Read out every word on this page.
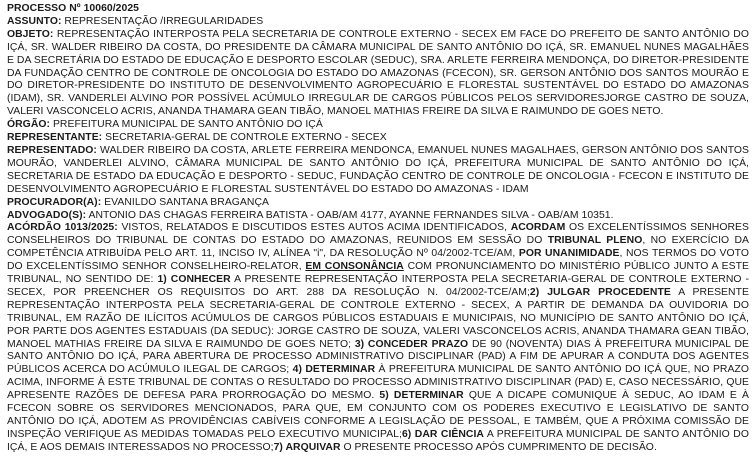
PROCESSO Nº 10060/2025
ASSUNTO: REPRESENTAÇÃO /IRREGULARIDADES
OBJETO: REPRESENTAÇÃO INTERPOSTA PELA SECRETARIA DE CONTROLE EXTERNO - SECEX EM FACE DO PREFEITO DE SANTO ANTÔNIO DO IÇÁ, SR. WALDER RIBEIRO DA COSTA, DO PRESIDENTE DA CÂMARA MUNICIPAL DE SANTO ANTÔNIO DO IÇÁ, SR. EMANUEL NUNES MAGALHÃES E DA SECRETÁRIA DO ESTADO DE EDUCAÇÃO E DESPORTO ESCOLAR (SEDUC), SRA. ARLETE FERREIRA MENDONÇA, DO DIRETOR-PRESIDENTE DA FUNDAÇÃO CENTRO DE CONTROLE DE ONCOLOGIA DO ESTADO DO AMAZONAS (FCECON), SR. GERSON ANTÔNIO DOS SANTOS MOURÃO E DO DIRETOR-PRESIDENTE DO INSTITUTO DE DESENVOLVIMENTO AGROPECUÁRIO E FLORESTAL SUSTENTÁVEL DO ESTADO DO AMAZONAS (IDAM), SR. VANDERLEI ALVINO POR POSSÍVEL ACÚMULO IRREGULAR DE CARGOS PÚBLICOS PELOS SERVIDORESJORGE CASTRO DE SOUZA, VALERI VASCONCELO ACRIS, ANANDA THAMARA GEAN TIBÃO, MANOEL MATHIAS FREIRE DA SILVA E RAIMUNDO DE GOES NETO.
ÓRGÃO: PREFEITURA MUNICIPAL DE SANTO ANTÔNIO DO IÇÁ
REPRESENTANTE: SECRETARIA-GERAL DE CONTROLE EXTERNO - SECEX
REPRESENTADO: WALDER RIBEIRO DA COSTA, ARLETE FERREIRA MENDONCA, EMANUEL NUNES MAGALHAES, GERSON ANTÔNIO DOS SANTOS MOURÃO, VANDERLEI ALVINO, CÂMARA MUNICIPAL DE SANTO ANTÔNIO DO IÇÁ, PREFEITURA MUNICIPAL DE SANTO ANTÔNIO DO IÇÁ, SECRETARIA DE ESTADO DA EDUCAÇÃO E DESPORTO - SEDUC, FUNDAÇÃO CENTRO DE CONTROLE DE ONCOLOGIA - FCECON E INSTITUTO DE DESENVOLVIMENTO AGROPECUÁRIO E FLORESTAL SUSTENTÁVEL DO ESTADO DO AMAZONAS - IDAM
PROCURADOR(A): EVANILDO SANTANA BRAGANÇA
ADVOGADO(S): ANTONIO DAS CHAGAS FERREIRA BATISTA - OAB/AM 4177, AYANNE FERNANDES SILVA - OAB/AM 10351.
ACÓRDÃO 1013/2025: VISTOS, RELATADOS E DISCUTIDOS ESTES AUTOS ACIMA IDENTIFICADOS, ACORDAM OS EXCELENTÍSSIMOS SENHORES CONSELHEIROS DO TRIBUNAL DE CONTAS DO ESTADO DO AMAZONAS, REUNIDOS EM SESSÃO DO TRIBUNAL PLENO, NO EXERCÍCIO DA COMPETÊNCIA ATRIBUÍDA PELO ART. 11, INCISO IV, ALÍNEA "i", DA RESOLUÇÃO Nº 04/2002-TCE/AM, POR UNANIMIDADE, NOS TERMOS DO VOTO DO EXCELENTÍSSIMO SENHOR CONSELHEIRO-RELATOR, EM CONSONÂNCIA COM PRONUNCIAMENTO DO MINISTÉRIO PÚBLICO JUNTO A ESTE TRIBUNAL, NO SENTIDO DE: 1) CONHECER A PRESENTE REPRESENTAÇÃO INTERPOSTA PELA SECRETARIA-GERAL DE CONTROLE EXTERNO - SECEX, POR PREENCHER OS REQUISITOS DO ART. 288 DA RESOLUÇÃO N. 04/2002-TCE/AM;2) JULGAR PROCEDENTE A PRESENTE REPRESENTAÇÃO INTERPOSTA PELA SECRETARIA-GERAL DE CONTROLE EXTERNO - SECEX, A PARTIR DE DEMANDA DA OUVIDORIA DO TRIBUNAL, EM RAZÃO DE ILÍCITOS ACÚMULOS DE CARGOS PÚBLICOS ESTADUAIS E MUNICIPAIS, NO MUNICÍPIO DE SANTO ANTÔNIO DO IÇÁ, POR PARTE DOS AGENTES ESTADUAIS (DA SEDUC): JORGE CASTRO DE SOUZA, VALERI VASCONCELOS ACRIS, ANANDA THAMARA GEAN TIBÃO, MANOEL MATHIAS FREIRE DA SILVA E RAIMUNDO DE GOES NETO; 3) CONCEDER PRAZO DE 90 (NOVENTA) DIAS À PREFEITURA MUNICIPAL DE SANTO ANTÔNIO DO IÇÁ, PARA ABERTURA DE PROCESSO ADMINISTRATIVO DISCIPLINAR (PAD) A FIM DE APURAR A CONDUTA DOS AGENTES PÚBLICOS ACERCA DO ACÚMULO ILEGAL DE CARGOS; 4) DETERMINAR À PREFEITURA MUNICIPAL DE SANTO ANTÔNIO DO IÇÁ QUE, NO PRAZO ACIMA, INFORME À ESTE TRIBUNAL DE CONTAS O RESULTADO DO PROCESSO ADMINISTRATIVO DISCIPLINAR (PAD) E, CASO NECESSÁRIO, QUE APRESENTE RAZÕES DE DEFESA PARA PRORROGAÇÃO DO MESMO. 5) DETERMINAR QUE A DICAPE COMUNIQUE À SEDUC, AO IDAM E À FCECON SOBRE OS SERVIDORES MENCIONADOS, PARA QUE, EM CONJUNTO COM OS PODERES EXECUTIVO E LEGISLATIVO DE SANTO ANTÔNIO DO IÇÁ, ADOTEM AS PROVIDÊNCIAS CABÍVEIS CONFORME A LEGISLAÇÃO DE PESSOAL, E TAMBÉM, QUE A PRÓXIMA COMISSÃO DE INSPEÇÃO VERIFIQUE AS MEDIDAS TOMADAS PELO EXECUTIVO MUNICIPAL;6) DAR CIÊNCIA A PREFEITURA MUNICIPAL DE SANTO ANTÔNIO DO IÇÁ, E AOS DEMAIS INTERESSADOS NO PROCESSO;7) ARQUIVAR O PRESENTE PROCESSO APÓS CUMPRIMENTO DE DECISÃO.
